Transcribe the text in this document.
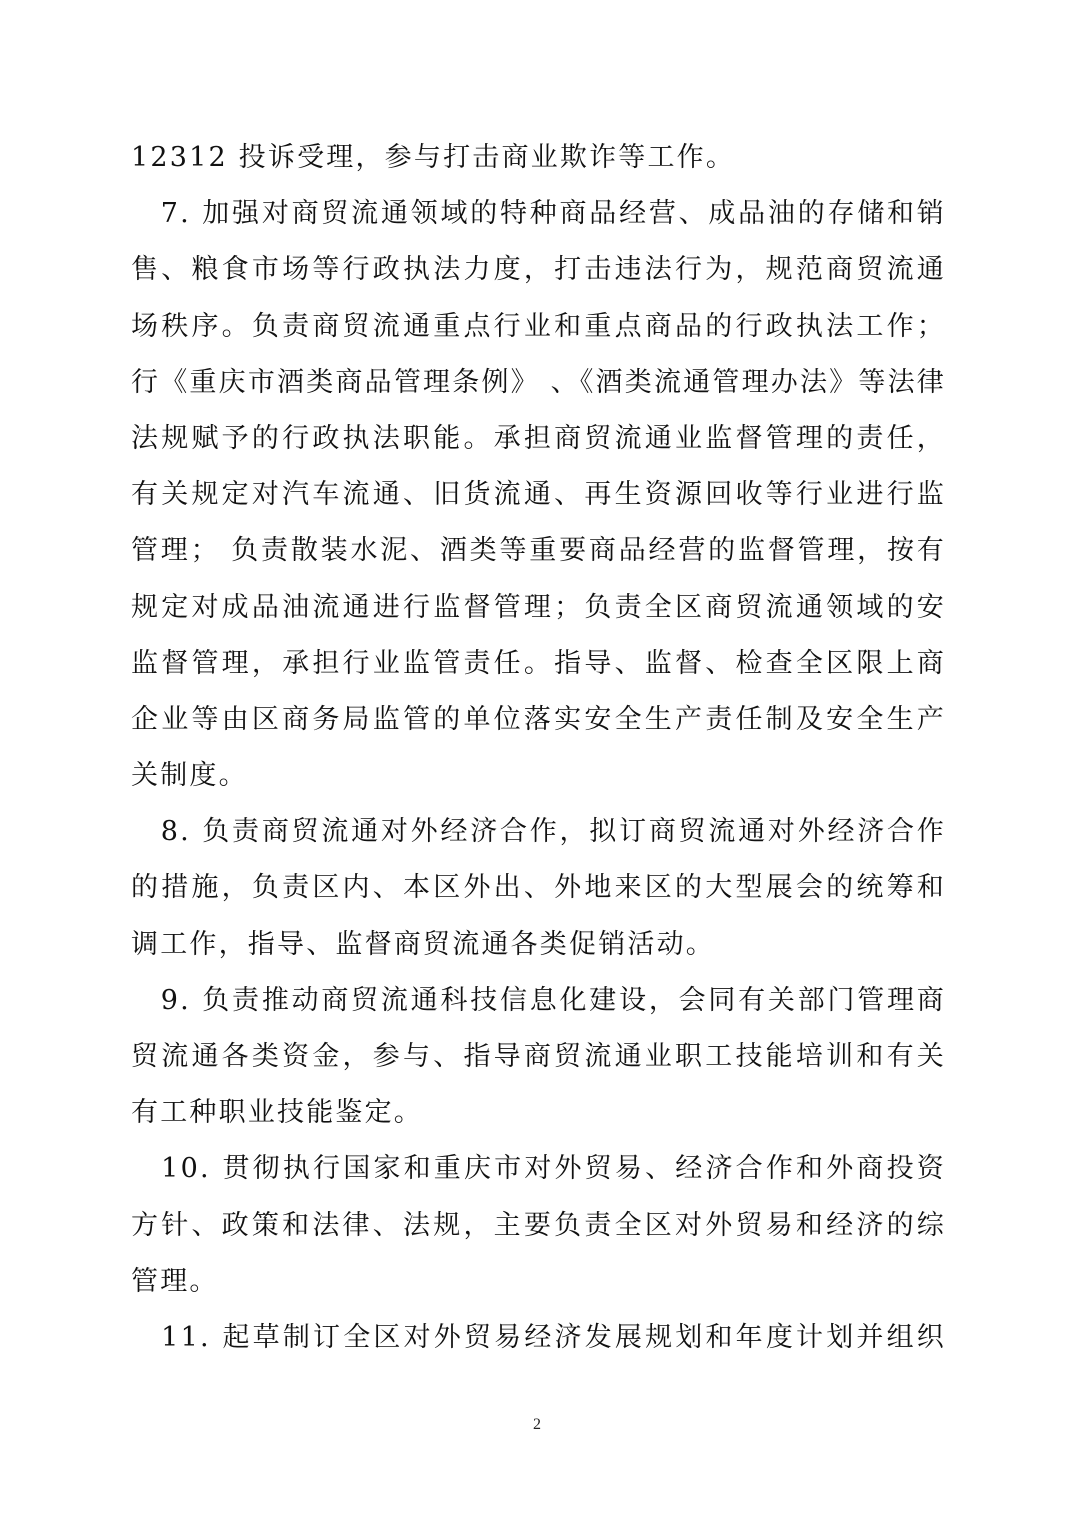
12312 投诉受理，参与打击商业欺诈等工作。
　7. 加强对商贸流通领域的特种商品经营、成品油的存储和销
售、粮食市场等行政执法力度，打击违法行为，规范商贸流通
场秩序。负责商贸流通重点行业和重点商品的行政执法工作；
行《重庆市酒类商品管理条例》 、《酒类流通管理办法》等法律
法规赋予的行政执法职能。承担商贸流通业监督管理的责任，
有关规定对汽车流通、旧货流通、再生资源回收等行业进行监
管理； 负责散装水泥、酒类等重要商品经营的监督管理，按有
规定对成品油流通进行监督管理；负责全区商贸流通领域的安
监督管理，承担行业监管责任。指导、监督、检查全区限上商
企业等由区商务局监管的单位落实安全生产责任制及安全生产
关制度。
　8. 负责商贸流通对外经济合作，拟订商贸流通对外经济合作
的措施，负责区内、本区外出、外地来区的大型展会的统筹和
调工作，指导、监督商贸流通各类促销活动。
　9. 负责推动商贸流通科技信息化建设，会同有关部门管理商
贸流通各类资金，参与、指导商贸流通业职工技能培训和有关
有工种职业技能鉴定。
　10. 贯彻执行国家和重庆市对外贸易、经济合作和外商投资
方针、政策和法律、法规，主要负责全区对外贸易和经济的综
管理。
　11. 起草制订全区对外贸易经济发展规划和年度计划并组织
2
